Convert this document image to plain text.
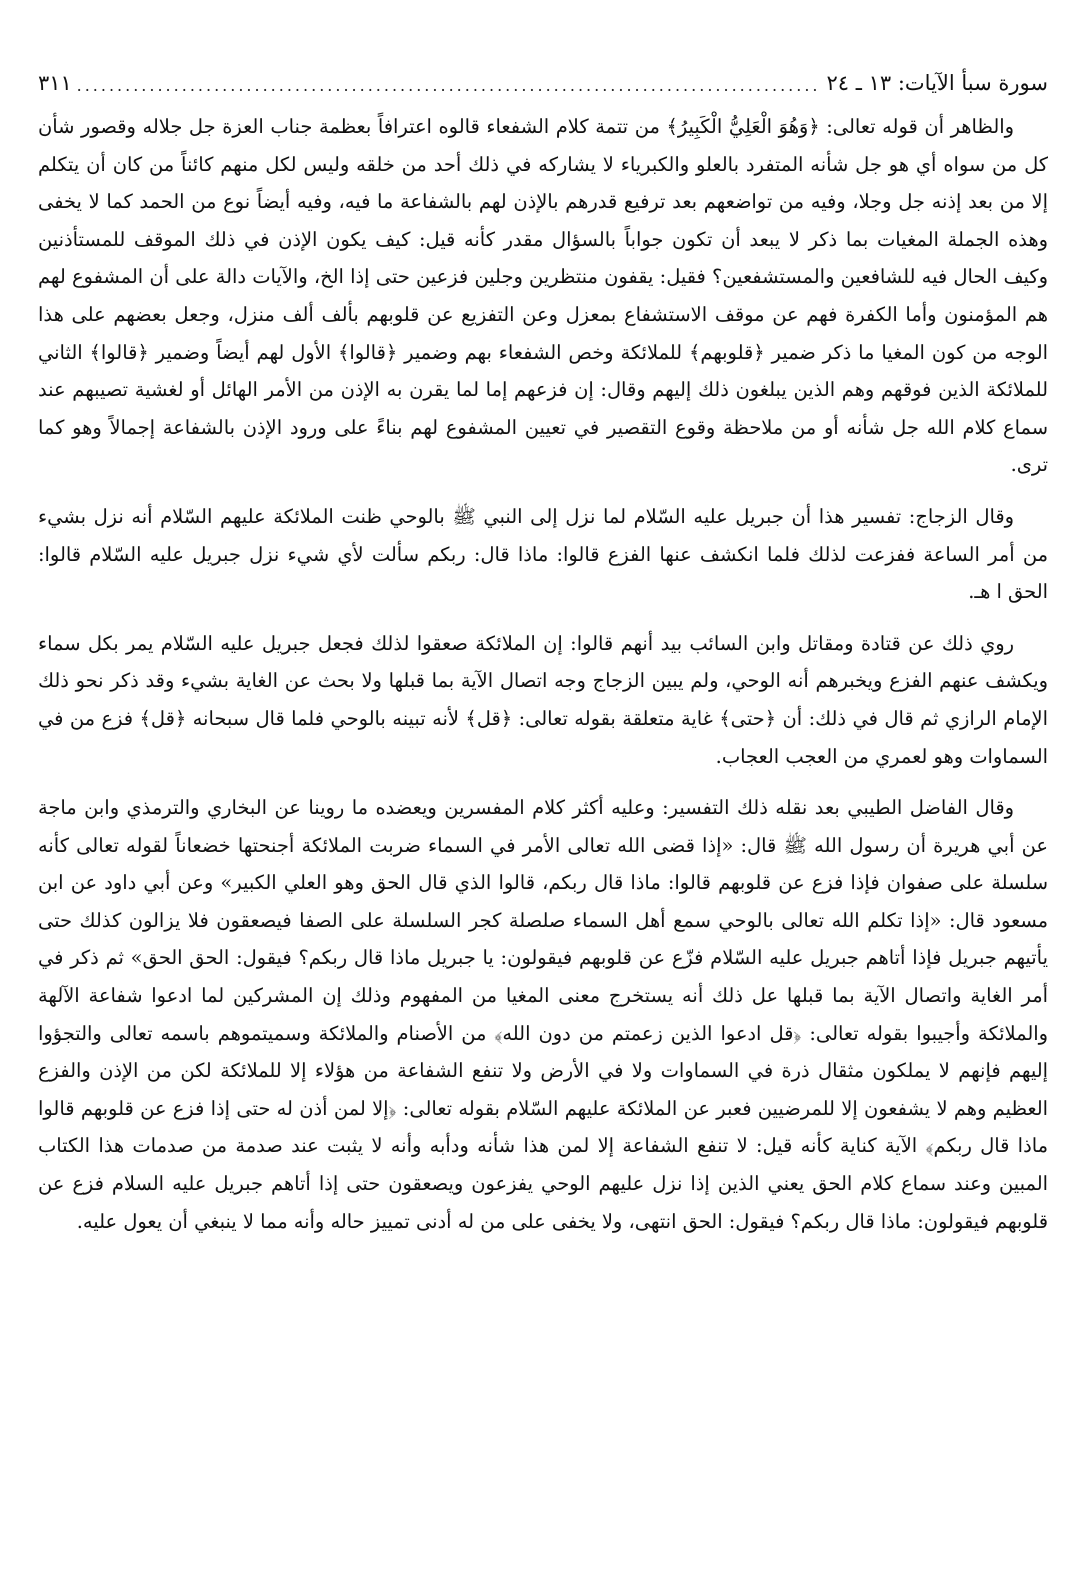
سورة سبأ الآيات: ١٣ ـ ٢٤
.....
٣١١

والظاهر أن قوله تعالى: ﴿وَهُوَ الْعَلِيُّ الْكَبِيرُ﴾ من تتمة كلام الشفعاء قالوه اعترافاً بعظمة جناب العزة جل جلاله وقصور شأن كل من سواه أي هو جل شأنه المتفرد بالعلو والكبرياء لا يشاركه في ذلك أحد من خلقه وليس لكل منهم كائناً من كان أن يتكلم إلا من بعد إذنه جل وجلا، وفيه من تواضعهم بعد ترفيع قدرهم بالإذن لهم بالشفاعة ما فيه، وفيه أيضاً نوع من الحمد كما لا يخفى وهذه الجملة المغيات بما ذكر لا يبعد أن تكون جواباً بالسؤال مقدر كأنه قيل: كيف يكون الإذن في ذلك الموقف للمستأذنين وكيف الحال فيه للشافعين والمستشفعين؟ فقيل: يقفون منتظرين وجلين فزعين حتى إذا الخ، والآيات دالة على أن المشفوع لهم هم المؤمنون وأما الكفرة فهم عن موقف الاستشفاع بمعزل وعن التفزيع عن قلوبهم بألف ألف منزل، وجعل بعضهم على هذا الوجه من كون المغيا ما ذكر ضمير ﴿قلوبهم﴾ للملائكة وخص الشفعاء بهم وضمير ﴿قالوا﴾ الأول لهم أيضاً وضمير ﴿قالوا﴾ الثاني للملائكة الذين فوقهم وهم الذين يبلغون ذلك إليهم وقال: إن فزعهم إما لما يقرن به الإذن من الأمر الهائل أو لغشية تصيبهم عند سماع كلام الله جل شأنه أو من ملاحظة وقوع التقصير في تعيين المشفوع لهم بناءً على ورود الإذن بالشفاعة إجمالاً وهو كما ترى.

وقال الزجاج: تفسير هذا أن جبريل عليه السّلام لما نزل إلى النبي ﷺ بالوحي ظنت الملائكة عليهم السّلام أنه نزل بشيء من أمر الساعة ففزعت لذلك فلما انكشف عنها الفزع قالوا: ماذا قال: ربكم سألت لأي شيء نزل جبريل عليه السّلام قالوا: الحق ا هـ.

روي ذلك عن قتادة ومقاتل وابن السائب بيد أنهم قالوا: إن الملائكة صعقوا لذلك فجعل جبريل عليه السّلام يمر بكل سماء ويكشف عنهم الفزع ويخبرهم أنه الوحي، ولم يبين الزجاج وجه اتصال الآية بما قبلها ولا بحث عن الغاية بشيء وقد ذكر نحو ذلك الإمام الرازي ثم قال في ذلك: أن ﴿حتى﴾ غاية متعلقة بقوله تعالى: ﴿قل﴾ لأنه تبينه بالوحي فلما قال سبحانه ﴿قل﴾ فزع من في السماوات وهو لعمري من العجب العجاب.

وقال الفاضل الطيبي بعد نقله ذلك التفسير: وعليه أكثر كلام المفسرين ويعضده ما روينا عن البخاري والترمذي وابن ماجة عن أبي هريرة أن رسول الله ﷺ قال: «إذا قضى الله تعالى الأمر في السماء ضربت الملائكة أجنحتها خضعاناً لقوله تعالى كأنه سلسلة على صفوان فإذا فزع عن قلوبهم قالوا: ماذا قال ربكم، قالوا الذي قال الحق وهو العلي الكبير» وعن أبي داود عن ابن مسعود قال: «إذا تكلم الله تعالى بالوحي سمع أهل السماء صلصلة كجر السلسلة على الصفا فيصعقون فلا يزالون كذلك حتى يأتيهم جبريل فإذا أتاهم جبريل عليه السّلام فزّع عن قلوبهم فيقولون: يا جبريل ماذا قال ربكم؟ فيقول: الحق الحق» ثم ذكر في أمر الغاية واتصال الآية بما قبلها عل ذلك أنه يستخرج معنى المغيا من المفهوم وذلك إن المشركين لما ادعوا شفاعة الآلهة والملائكة وأجيبوا بقوله تعالى: ﴿قل ادعوا الذين زعمتم من دون الله﴾ من الأصنام والملائكة وسميتموهم باسمه تعالى والتجؤوا إليهم فإنهم لا يملكون مثقال ذرة في السماوات ولا في الأرض ولا تنفع الشفاعة من هؤلاء إلا للملائكة لكن من الإذن والفزع العظيم وهم لا يشفعون إلا للمرضيين فعبر عن الملائكة عليهم السّلام بقوله تعالى: ﴿إلا لمن أذن له حتى إذا فزع عن قلوبهم قالوا ماذا قال ربكم﴾ الآية كناية كأنه قيل: لا تنفع الشفاعة إلا لمن هذا شأنه ودأبه وأنه لا يثبت عند صدمة من صدمات هذا الكتاب المبين وعند سماع كلام الحق يعني الذين إذا نزل عليهم الوحي يفزعون ويصعقون حتى إذا أتاهم جبريل عليه السلام فزع عن قلوبهم فيقولون: ماذا قال ربكم؟ فيقول: الحق انتهى، ولا يخفى على من له أدنى تمييز حاله وأنه مما لا ينبغي أن يعول عليه.
